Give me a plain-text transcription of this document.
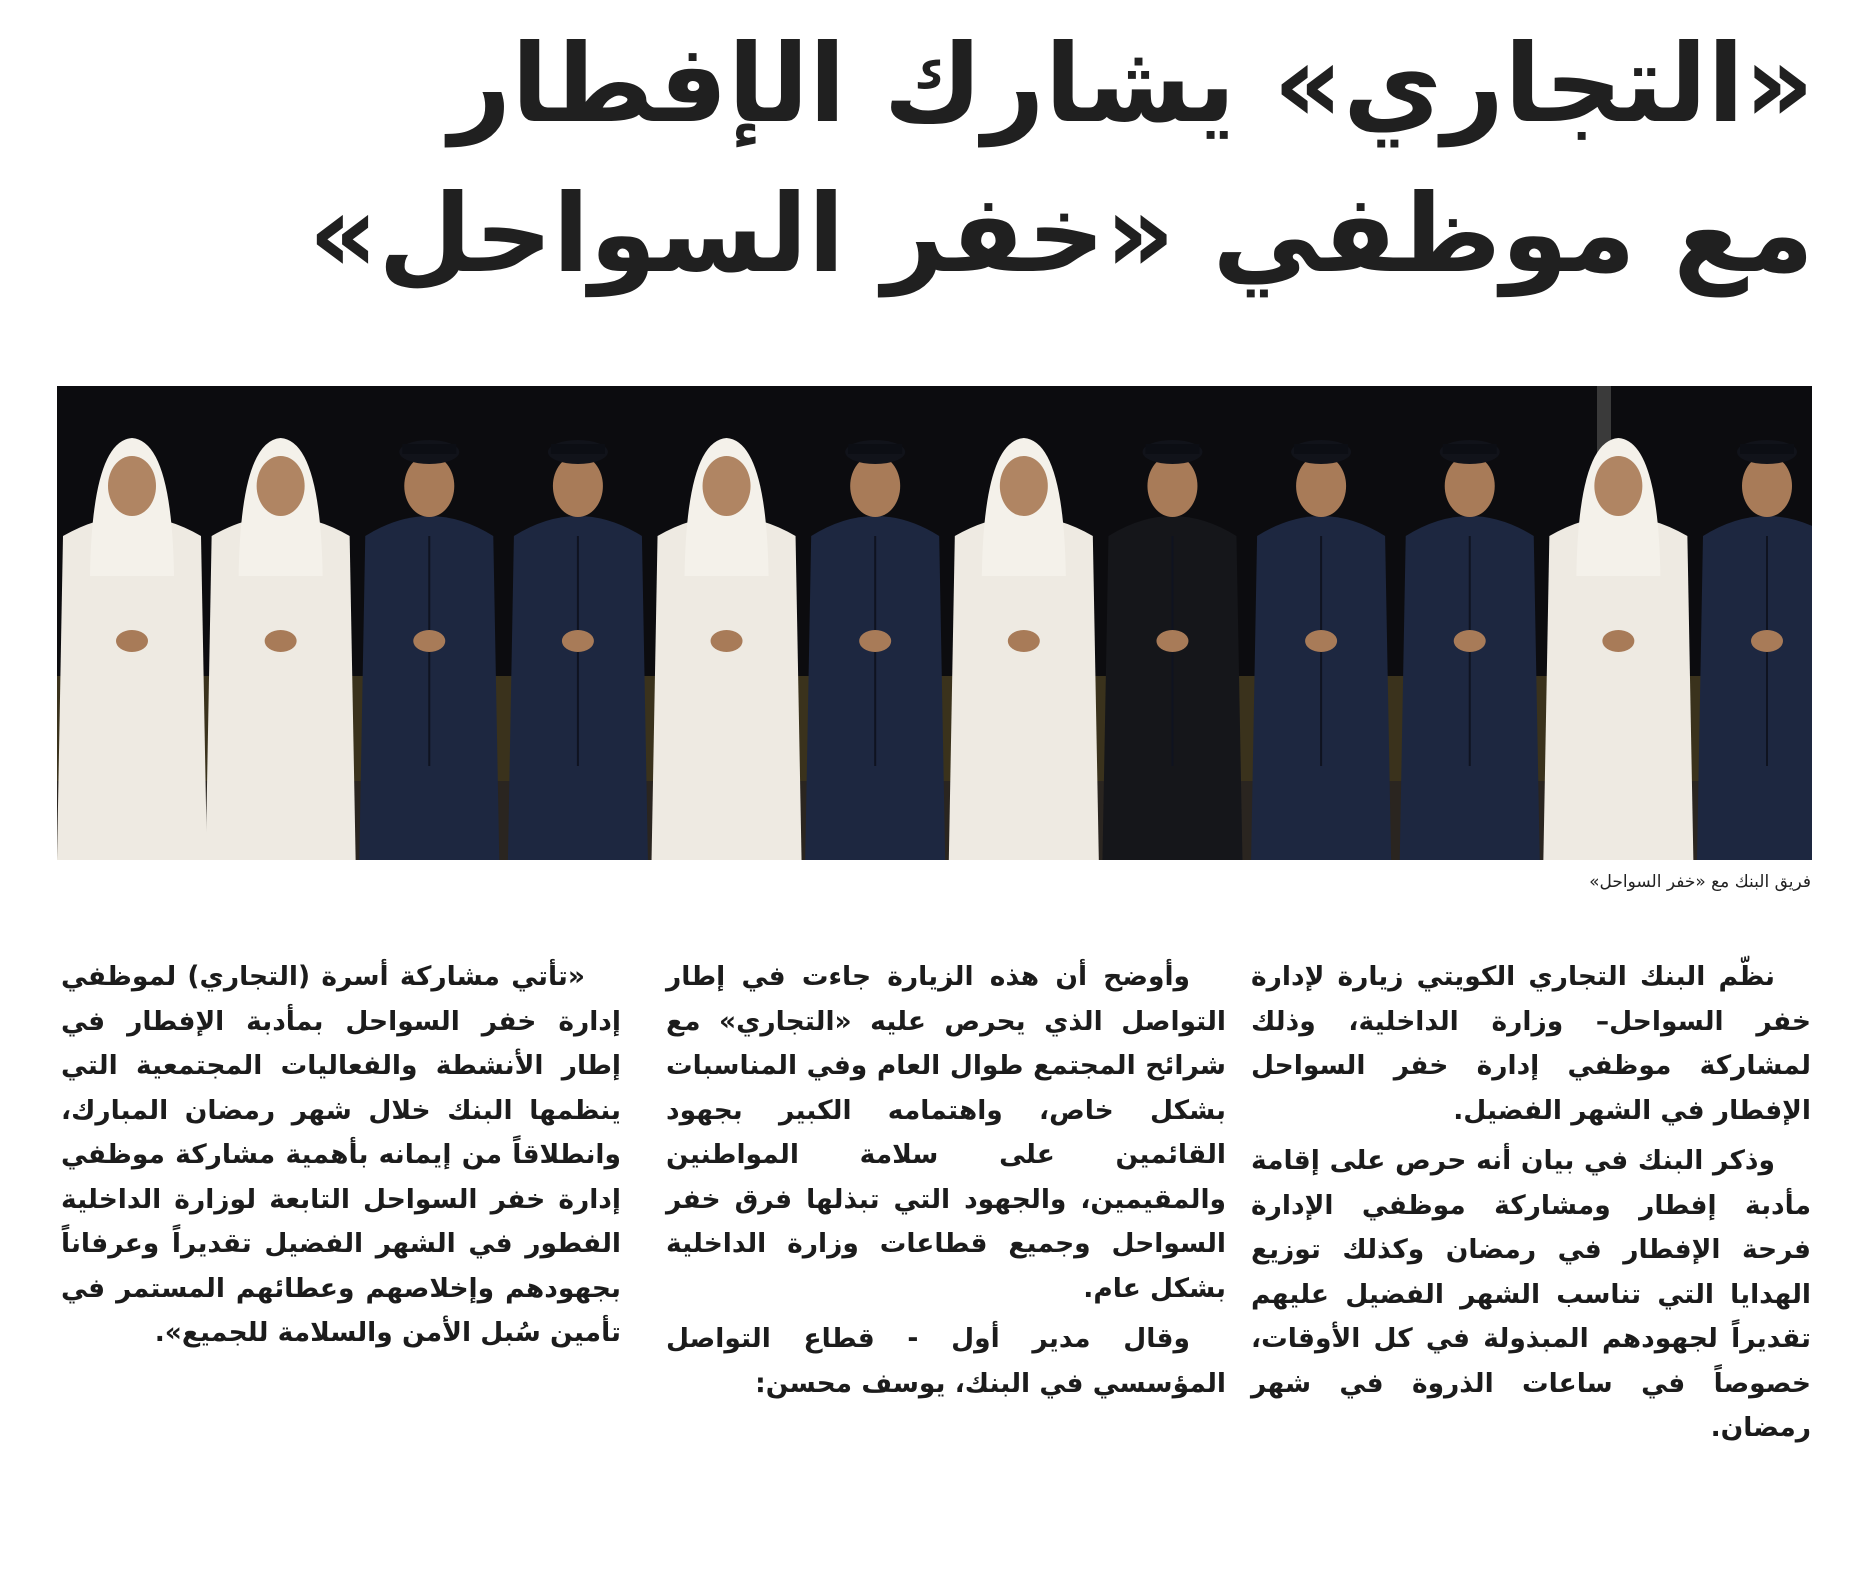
«التجاري» يشارك الإفطار
مع موظفي «خفر السواحل»
فريق البنك مع «خفر السواحل»

نظّم البنك التجاري الكويتي زيارة لإدارة خفر السواحل– وزارة الداخلية، وذلك لمشاركة موظفي إدارة خفر السواحل الإفطار في الشهر الفضيل.

وذكر البنك في بيان أنه حرص على إقامة مأدبة إفطار ومشاركة موظفي الإدارة فرحة الإفطار في رمضان وكذلك توزيع الهدايا التي تناسب الشهر الفضيل عليهم تقديراً لجهودهم المبذولة في كل الأوقات، خصوصاً في ساعات الذروة في شهر رمضان.

وأوضح أن هذه الزيارة جاءت في إطار التواصل الذي يحرص عليه «التجاري» مع شرائح المجتمع طوال العام وفي المناسبات بشكل خاص، واهتمامه الكبير بجهود القائمين على سلامة المواطنين والمقيمين، والجهود التي تبذلها فرق خفر السواحل وجميع قطاعات وزارة الداخلية بشكل عام.

وقال مدير أول - قطاع التواصل المؤسسي في البنك، يوسف محسن:

«تأتي مشاركة أسرة (التجاري) لموظفي إدارة خفر السواحل بمأدبة الإفطار في إطار الأنشطة والفعاليات المجتمعية التي ينظمها البنك خلال شهر رمضان المبارك، وانطلاقاً من إيمانه بأهمية مشاركة موظفي إدارة خفر السواحل التابعة لوزارة الداخلية الفطور في الشهر الفضيل تقديراً وعرفاناً بجهودهم وإخلاصهم وعطائهم المستمر في تأمين سُبل الأمن والسلامة للجميع».
